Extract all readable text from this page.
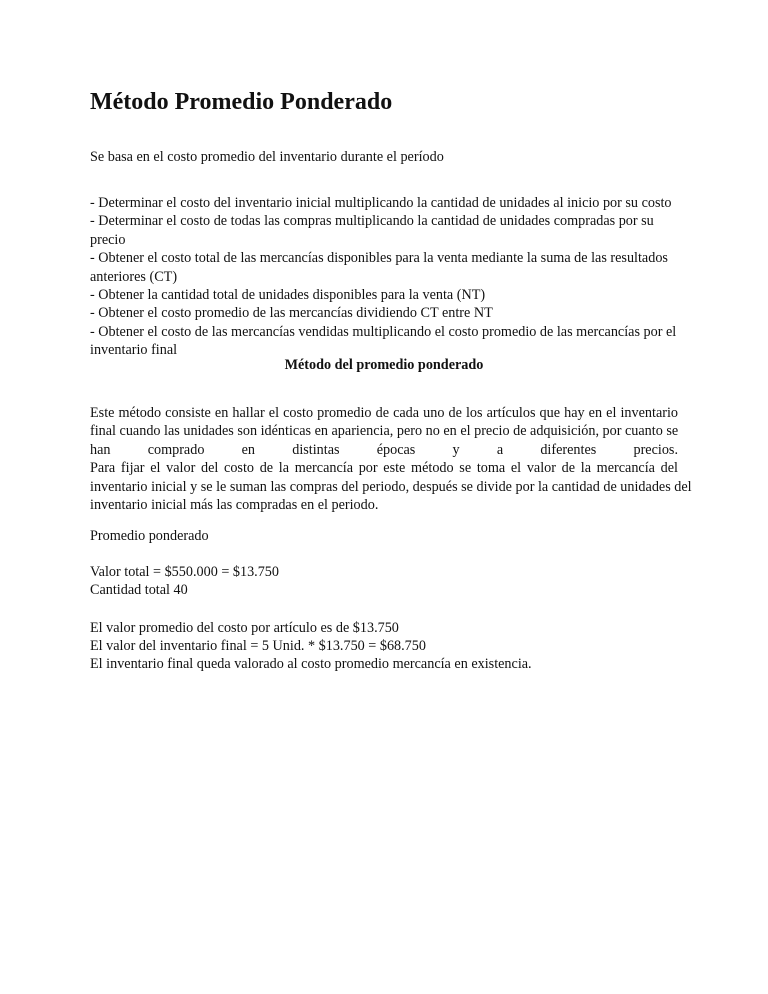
Método Promedio Ponderado

Se basa en el costo promedio del inventario durante el período

- Determinar el costo del inventario inicial multiplicando la cantidad de unidades al inicio por su costo
- Determinar el costo de todas las compras multiplicando la cantidad de unidades compradas por su precio
- Obtener el costo total de las mercancías disponibles para la venta mediante la suma de las resultados
anteriores (CT)
- Obtener la cantidad total de unidades disponibles para la venta (NT)
- Obtener el costo promedio de las mercancías dividiendo CT entre NT
- Obtener el costo de las mercancías vendidas multiplicando el costo promedio de las mercancías por el
inventario final
Método del promedio ponderado

Este método consiste en hallar el costo promedio de cada uno de los artículos que hay en el inventario

final cuando las unidades son idénticas en apariencia, pero no en el precio de adquisición, por cuanto se

han comprado en distintas épocas y a diferentes precios.

Para fijar el valor del costo de la mercancía por este método se toma el valor de la mercancía del

inventario inicial y se le suman las compras del periodo, después se divide por la cantidad de unidades del

inventario inicial más las compradas en el periodo.

Promedio ponderado

Valor total = $550.000 = $13.750

Cantidad total 40

El valor promedio del costo por artículo es de $13.750

El valor del inventario final = 5 Unid. * $13.750 = $68.750

El inventario final queda valorado al costo promedio mercancía en existencia.
